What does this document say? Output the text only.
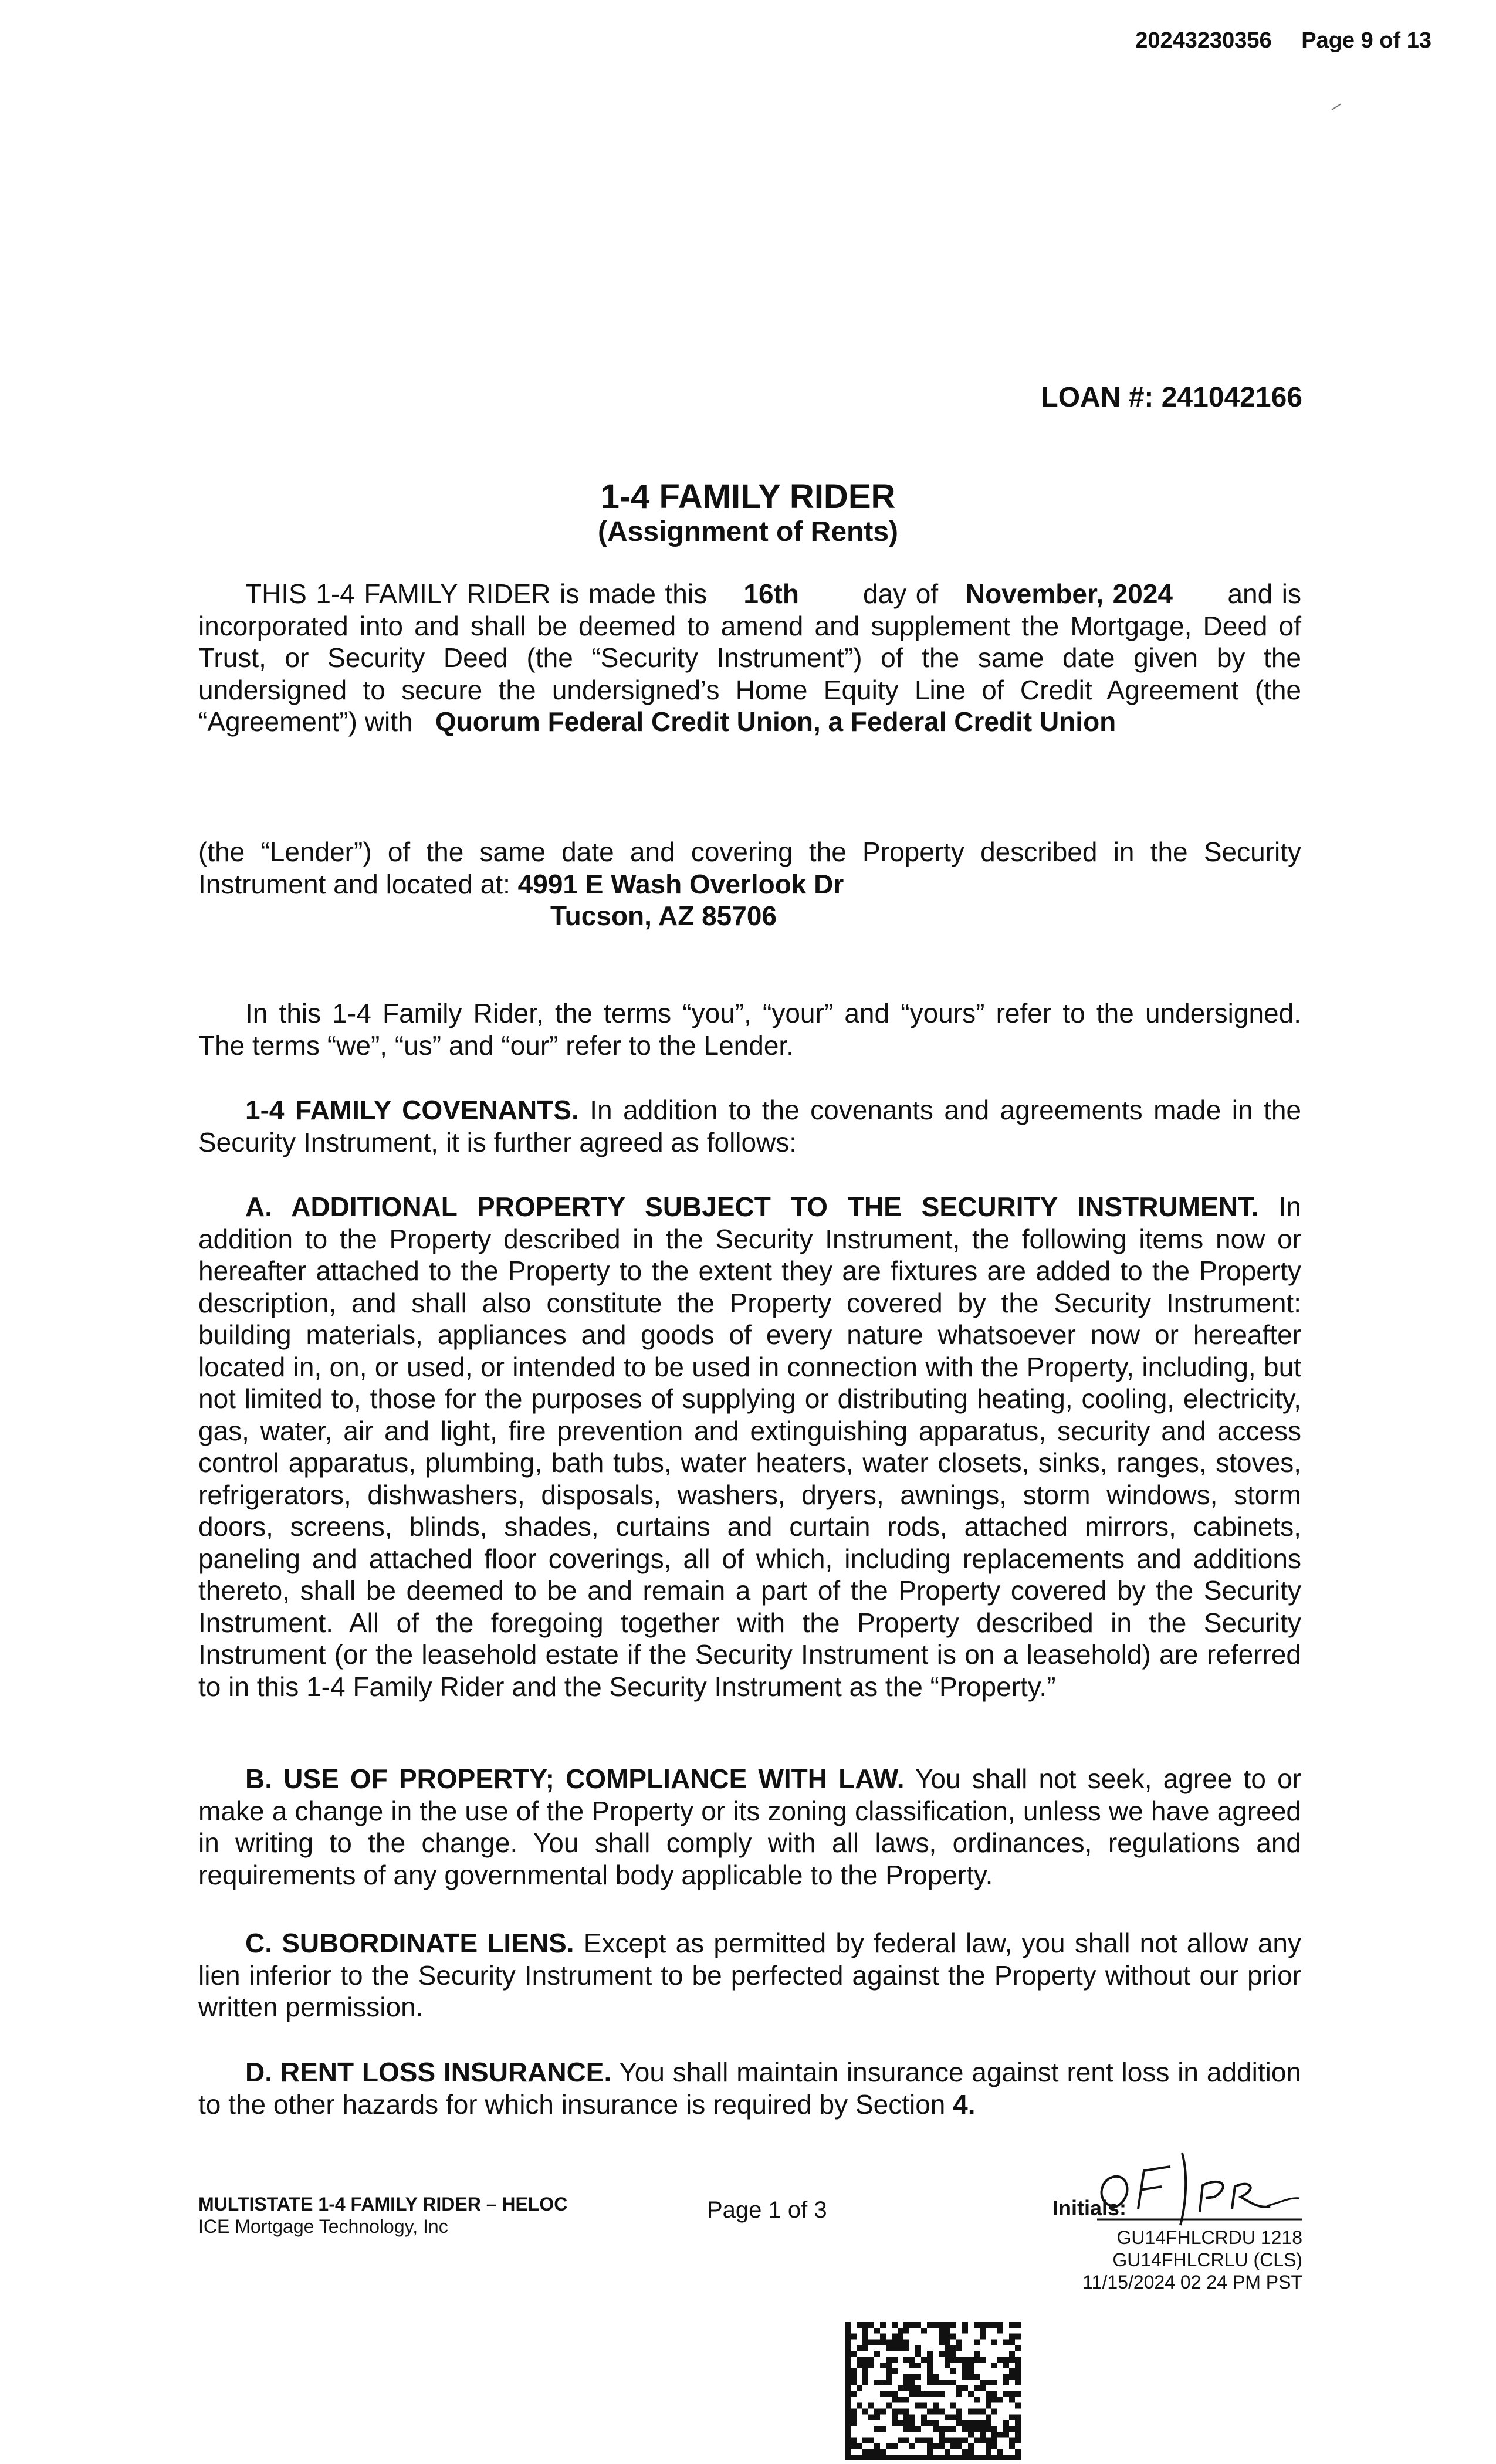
20243230356 Page 9 of 13
LOAN #: 241042166
1-4 FAMILY RIDER
(Assignment of Rents)
THIS 1-4 FAMILY RIDER is made this 16th day of November, 2024 and is incorporated into and shall be deemed to amend and supplement the Mortgage, Deed of Trust, or Security Deed (the “Security Instrument”) of the same date given by the undersigned to secure the undersigned’s Home Equity Line of Credit Agreement (the “Agreement”) with Quorum Federal Credit Union, a Federal Credit Union
(the “Lender”) of the same date and covering the Property described in the Security Instrument and located at: 4991 E Wash Overlook Dr
Tucson, AZ 85706
In this 1-4 Family Rider, the terms “you”, “your” and “yours” refer to the undersigned. The terms “we”, “us” and “our” refer to the Lender.
1-4 FAMILY COVENANTS. In addition to the covenants and agreements made in the Security Instrument, it is further agreed as follows:
A. ADDITIONAL PROPERTY SUBJECT TO THE SECURITY INSTRUMENT. In addition to the Property described in the Security Instrument, the following items now or hereafter attached to the Property to the extent they are fixtures are added to the Property description, and shall also constitute the Property covered by the Security Instrument: building materials, appliances and goods of every nature whatsoever now or hereafter located in, on, or used, or intended to be used in connection with the Property, including, but not limited to, those for the purposes of supplying or distributing heating, cooling, electricity, gas, water, air and light, fire prevention and extinguishing apparatus, security and access control apparatus, plumbing, bath tubs, water heaters, water closets, sinks, ranges, stoves, refrigerators, dishwashers, disposals, washers, dryers, awnings, storm windows, storm doors, screens, blinds, shades, curtains and curtain rods, attached mirrors, cabinets, paneling and attached floor coverings, all of which, including replacements and additions thereto, shall be deemed to be and remain a part of the Property covered by the Security Instrument. All of the foregoing together with the Property described in the Security Instrument (or the leasehold estate if the Security Instrument is on a leasehold) are referred to in this 1-4 Family Rider and the Security Instrument as the “Property.”
B. USE OF PROPERTY; COMPLIANCE WITH LAW. You shall not seek, agree to or make a change in the use of the Property or its zoning classification, unless we have agreed in writing to the change. You shall comply with all laws, ordinances, regulations and requirements of any governmental body applicable to the Property.
C. SUBORDINATE LIENS. Except as permitted by federal law, you shall not allow any lien inferior to the Security Instrument to be perfected against the Property without our prior written permission.
D. RENT LOSS INSURANCE. You shall maintain insurance against rent loss in addition to the other hazards for which insurance is required by Section 4.
MULTISTATE 1-4 FAMILY RIDER – HELOC
ICE Mortgage Technology, Inc
Page 1 of 3	Initials:
GU14FHLCRDU 1218
GU14FHLCRLU (CLS)
11/15/2024 02 24 PM PST
